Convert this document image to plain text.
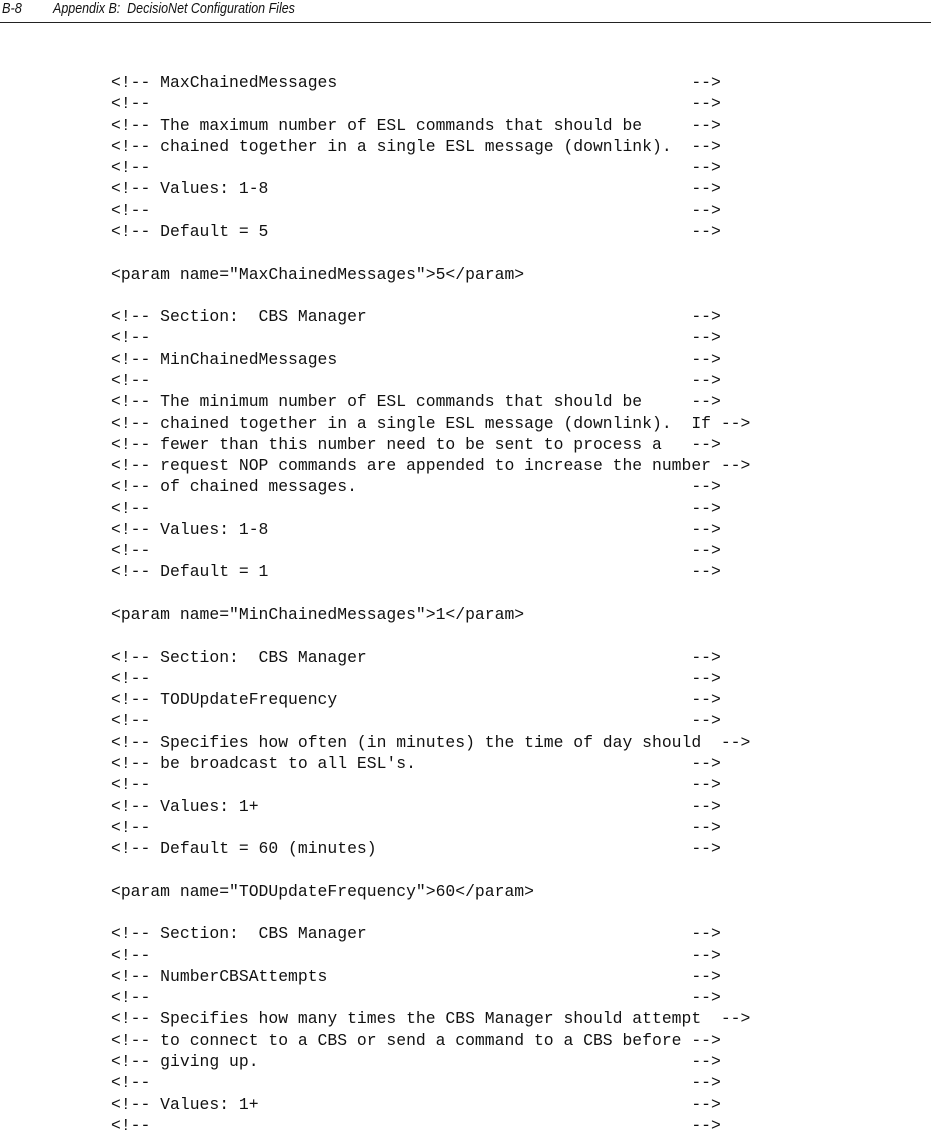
B-8 Appendix B:  DecisioNet Configuration Files
<!-- MaxChainedMessages                                    -->
<!--                                                       -->
<!-- The maximum number of ESL commands that should be     -->
<!-- chained together in a single ESL message (downlink).  -->
<!--                                                       -->
<!-- Values: 1-8                                           -->
<!--                                                       -->
<!-- Default = 5                                           -->
<param name="MaxChainedMessages">5</param>
<!-- Section:  CBS Manager                                 -->
<!--                                                       -->
<!-- MinChainedMessages                                    -->
<!--                                                       -->
<!-- The minimum number of ESL commands that should be     -->
<!-- chained together in a single ESL message (downlink).  If -->
<!-- fewer than this number need to be sent to process a   -->
<!-- request NOP commands are appended to increase the number -->
<!-- of chained messages.                                  -->
<!--                                                       -->
<!-- Values: 1-8                                           -->
<!--                                                       -->
<!-- Default = 1                                           -->
<param name="MinChainedMessages">1</param>
<!-- Section:  CBS Manager                                 -->
<!--                                                       -->
<!-- TODUpdateFrequency                                    -->
<!--                                                       -->
<!-- Specifies how often (in minutes) the time of day should  -->
<!-- be broadcast to all ESL's.                            -->
<!--                                                       -->
<!-- Values: 1+                                            -->
<!--                                                       -->
<!-- Default = 60 (minutes)                                -->
<param name="TODUpdateFrequency">60</param>
<!-- Section:  CBS Manager                                 -->
<!--                                                       -->
<!-- NumberCBSAttempts                                     -->
<!--                                                       -->
<!-- Specifies how many times the CBS Manager should attempt  -->
<!-- to connect to a CBS or send a command to a CBS before -->
<!-- giving up.                                            -->
<!--                                                       -->
<!-- Values: 1+                                            -->
<!--                                                       -->
